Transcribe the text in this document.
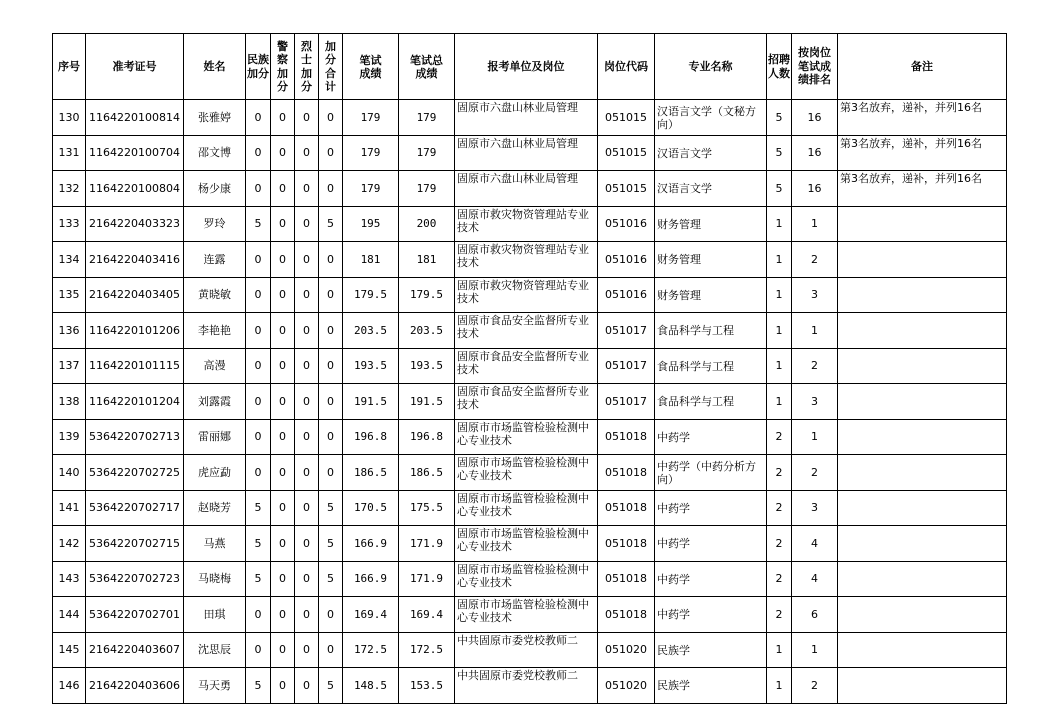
序号	准考证号	姓名	民族加分	警察加分	烈士加分	加分合计	笔试成绩	笔试总成绩	报考单位及岗位	岗位代码	专业名称	招聘人数	按岗位笔试成绩排名	备注
130	1164220100814	张雅婷	0	0	0	0	179	179	固原市六盘山林业局管理	051015	汉语言文学（文秘方向）	5	16	第3名放弃，递补，并列16名
131	1164220100704	邵文博	0	0	0	0	179	179	固原市六盘山林业局管理	051015	汉语言文学	5	16	第3名放弃，递补，并列16名
132	1164220100804	杨少康	0	0	0	0	179	179	固原市六盘山林业局管理	051015	汉语言文学	5	16	第3名放弃，递补，并列16名
133	2164220403323	罗玲	5	0	0	5	195	200	固原市救灾物资管理站专业技术	051016	财务管理	1	1	
134	2164220403416	连露	0	0	0	0	181	181	固原市救灾物资管理站专业技术	051016	财务管理	1	2	
135	2164220403405	黄晓敏	0	0	0	0	179.5	179.5	固原市救灾物资管理站专业技术	051016	财务管理	1	3	
136	1164220101206	李艳艳	0	0	0	0	203.5	203.5	固原市食品安全监督所专业技术	051017	食品科学与工程	1	1	
137	1164220101115	高漫	0	0	0	0	193.5	193.5	固原市食品安全监督所专业技术	051017	食品科学与工程	1	2	
138	1164220101204	刘露霞	0	0	0	0	191.5	191.5	固原市食品安全监督所专业技术	051017	食品科学与工程	1	3	
139	5364220702713	雷丽娜	0	0	0	0	196.8	196.8	固原市市场监管检验检测中心专业技术	051018	中药学	2	1	
140	5364220702725	虎应勐	0	0	0	0	186.5	186.5	固原市市场监管检验检测中心专业技术	051018	中药学（中药分析方向）	2	2	
141	5364220702717	赵晓芳	5	0	0	5	170.5	175.5	固原市市场监管检验检测中心专业技术	051018	中药学	2	3	
142	5364220702715	马燕	5	0	0	5	166.9	171.9	固原市市场监管检验检测中心专业技术	051018	中药学	2	4	
143	5364220702723	马晓梅	5	0	0	5	166.9	171.9	固原市市场监管检验检测中心专业技术	051018	中药学	2	4	
144	5364220702701	田琪	0	0	0	0	169.4	169.4	固原市市场监管检验检测中心专业技术	051018	中药学	2	6	
145	2164220403607	沈思辰	0	0	0	0	172.5	172.5	中共固原市委党校教师二	051020	民族学	1	1	
146	2164220403606	马天勇	5	0	0	5	148.5	153.5	中共固原市委党校教师二	051020	民族学	1	2	
